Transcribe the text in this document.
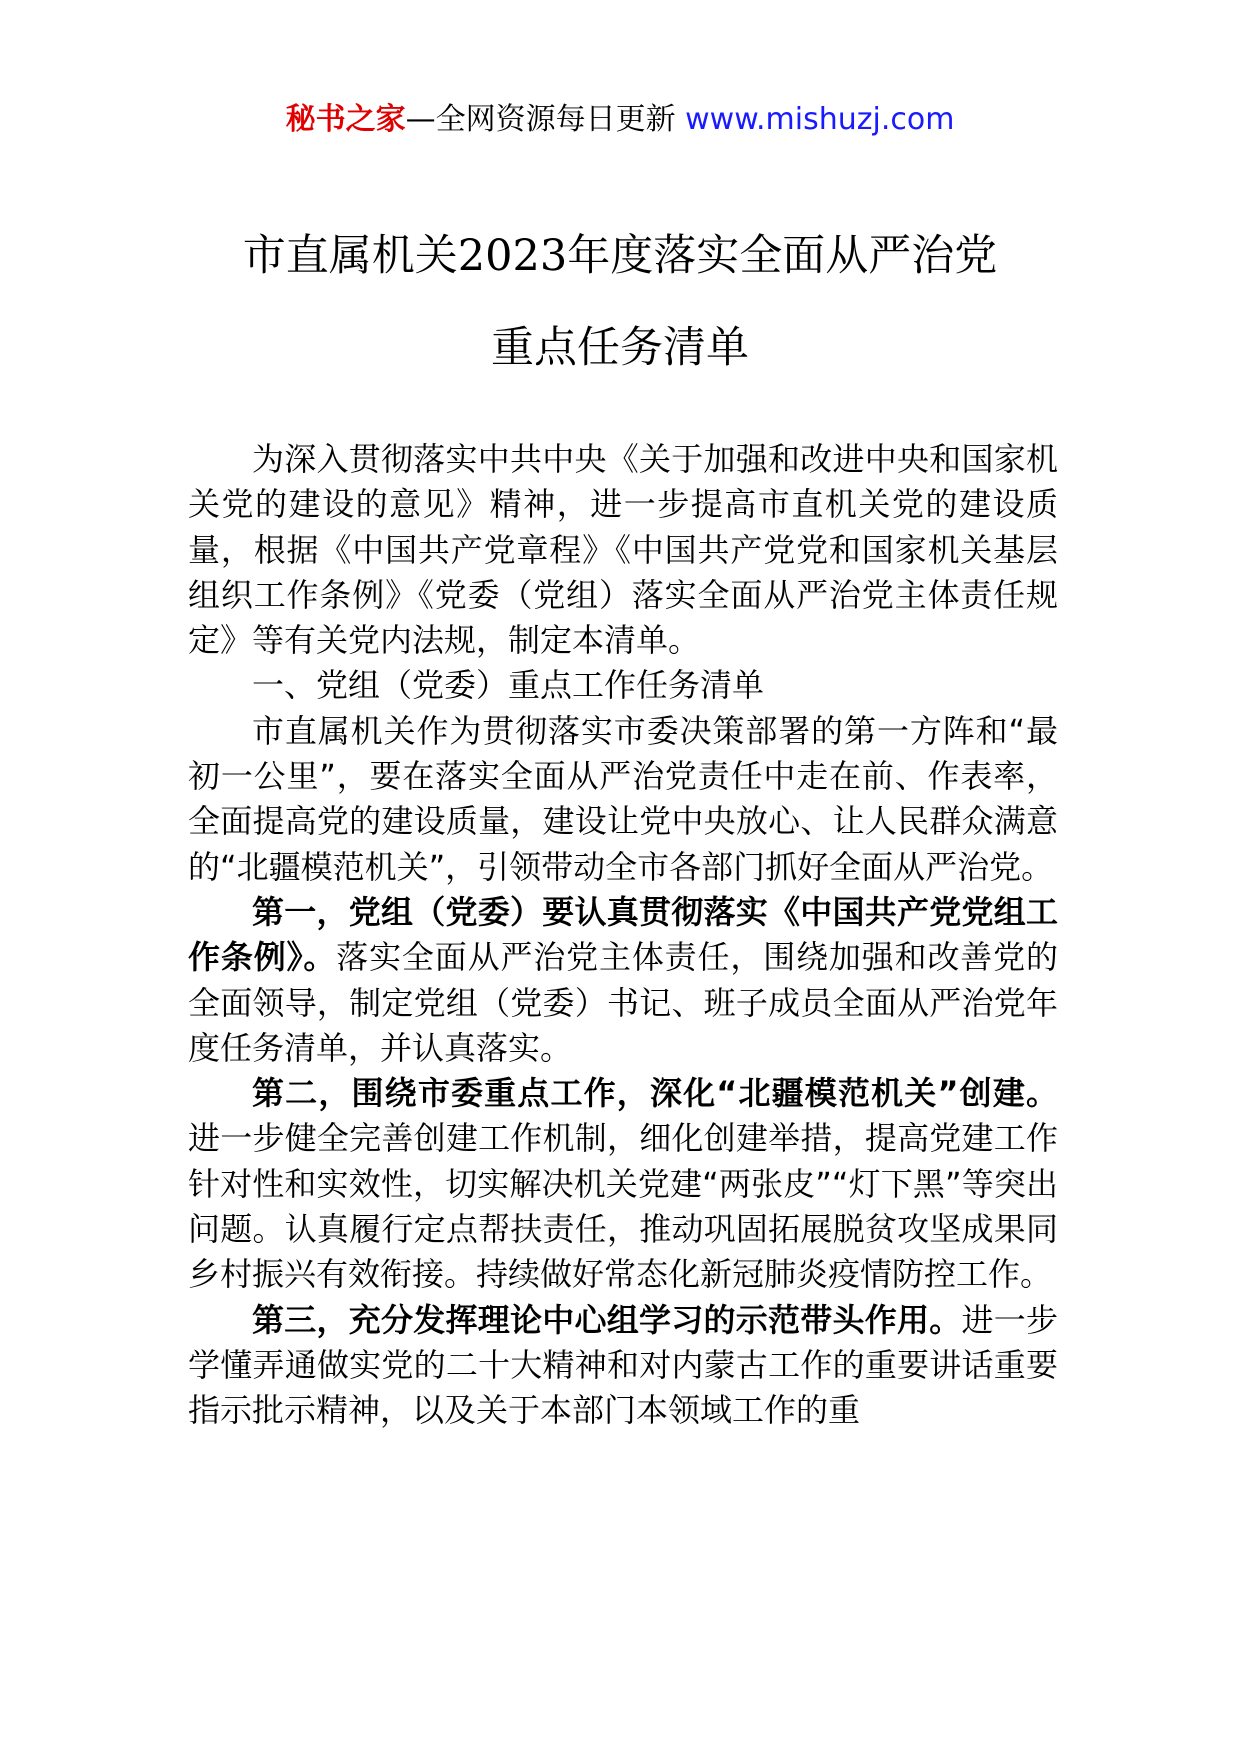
秘书之家—全网资源每日更新 www.mishuzj.com
市直属机关2023年度落实全面从严治党
重点任务清单

为深入贯彻落实中共中央《关于加强和改进中央和国家机关党的建设的意见》精神，进一步提高市直机关党的建设质量，根据《中国共产党章程》《中国共产党党和国家机关基层组织工作条例》《党委（党组）落实全面从严治党主体责任规定》等有关党内法规，制定本清单。

一、党组（党委）重点工作任务清单

市直属机关作为贯彻落实市委决策部署的第一方阵和“最初一公里”，要在落实全面从严治党责任中走在前、作表率，全面提高党的建设质量，建设让党中央放心、让人民群众满意的“北疆模范机关”，引领带动全市各部门抓好全面从严治党。

第一，党组（党委）要认真贯彻落实《中国共产党党组工作条例》。落实全面从严治党主体责任，围绕加强和改善党的全面领导，制定党组（党委）书记、班子成员全面从严治党年度任务清单，并认真落实。

第二，围绕市委重点工作，深化“北疆模范机关”创建。进一步健全完善创建工作机制，细化创建举措，提高党建工作针对性和实效性，切实解决机关党建“两张皮”“灯下黑”等突出问题。认真履行定点帮扶责任，推动巩固拓展脱贫攻坚成果同乡村振兴有效衔接。持续做好常态化新冠肺炎疫情防控工作。

第三，充分发挥理论中心组学习的示范带头作用。进一步学懂弄通做实党的二十大精神和对内蒙古工作的重要讲话重要指示批示精神，以及关于本部门本领域工作的重
